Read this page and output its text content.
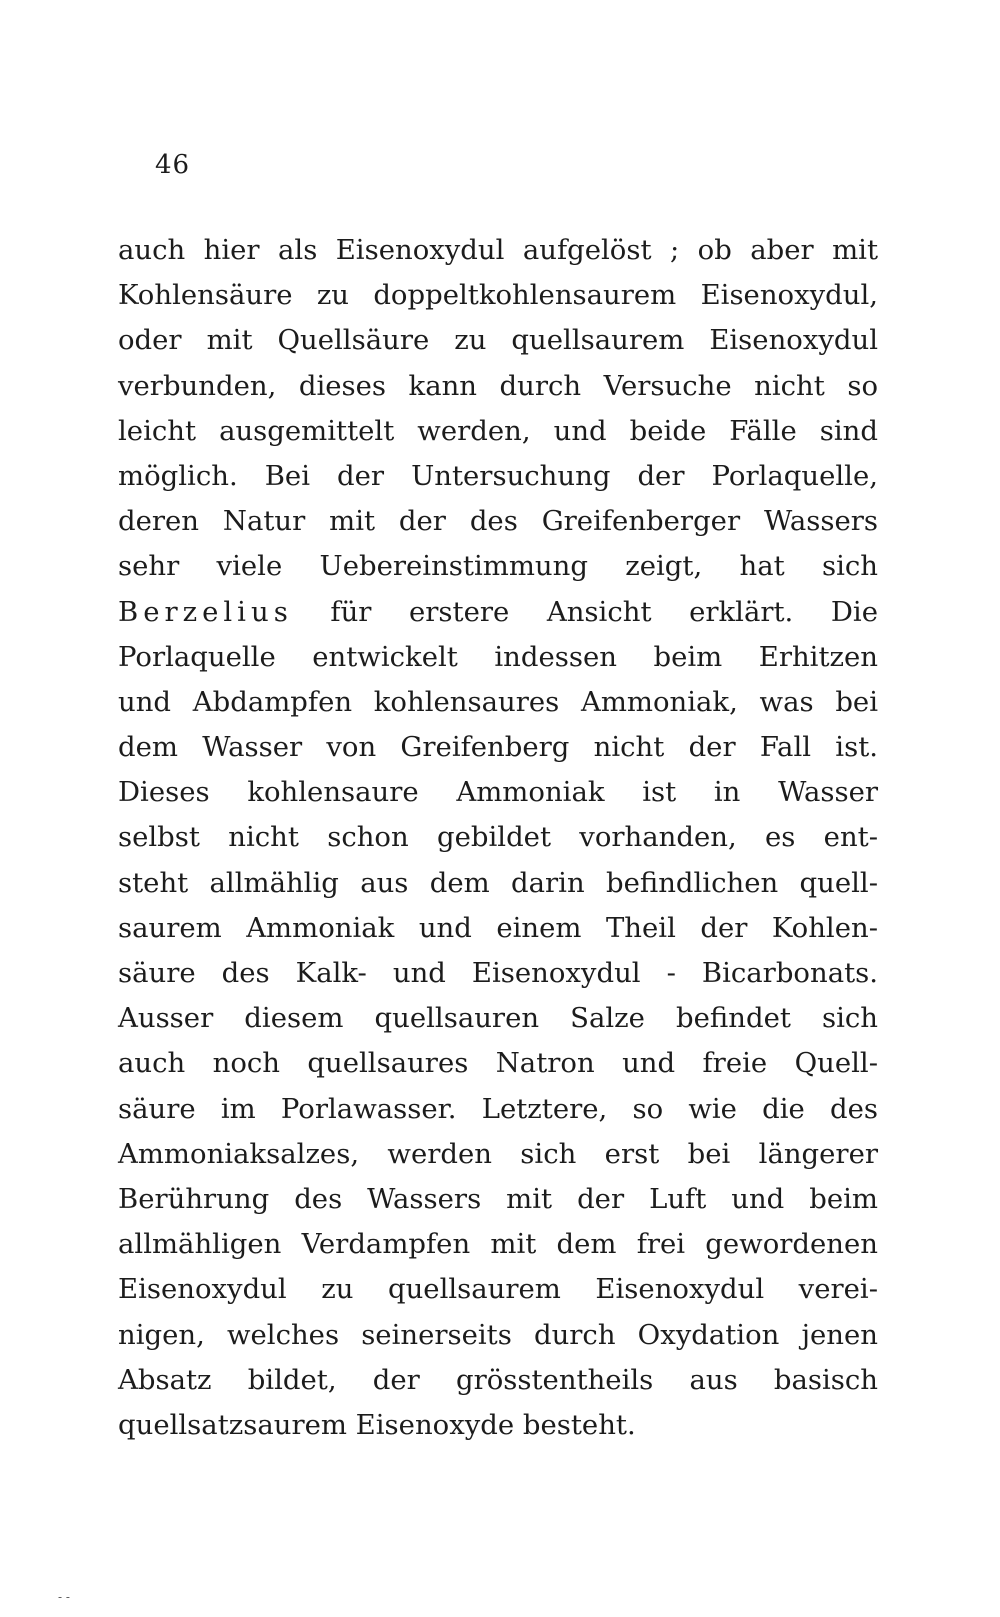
46
auch hier als Eisenoxydul aufgelöst ; ob aber mit
Kohlensäure zu doppeltkohlensaurem Eisenoxydul,
oder mit Quellsäure zu quellsaurem Eisenoxydul
verbunden, dieses kann durch Versuche nicht so
leicht ausgemittelt werden, und beide Fälle sind
möglich. Bei der Untersuchung der Porlaquelle,
deren Natur mit der des Greifenberger Wassers
sehr viele Uebereinstimmung zeigt, hat sich
Berzelius für erstere Ansicht erklärt. Die
Porlaquelle entwickelt indessen beim Erhitzen
und Abdampfen kohlensaures Ammoniak, was bei
dem Wasser von Greifenberg nicht der Fall ist.
Dieses kohlensaure Ammoniak ist in Wasser
selbst nicht schon gebildet vorhanden, es ent-
steht allmählig aus dem darin befindlichen quell-
saurem Ammoniak und einem Theil der Kohlen-
säure des Kalk- und Eisenoxydul - Bicarbonats.
Ausser diesem quellsauren Salze befindet sich
auch noch quellsaures Natron und freie Quell-
säure im Porlawasser. Letztere, so wie die des
Ammoniaksalzes, werden sich erst bei längerer
Berührung des Wassers mit der Luft und beim
allmähligen Verdampfen mit dem frei gewordenen
Eisenoxydul zu quellsaurem Eisenoxydul verei-
nigen, welches seinerseits durch Oxydation jenen
Absatz bildet, der grösstentheils aus basisch
quellsatzsaurem Eisenoxyde besteht.
- -
